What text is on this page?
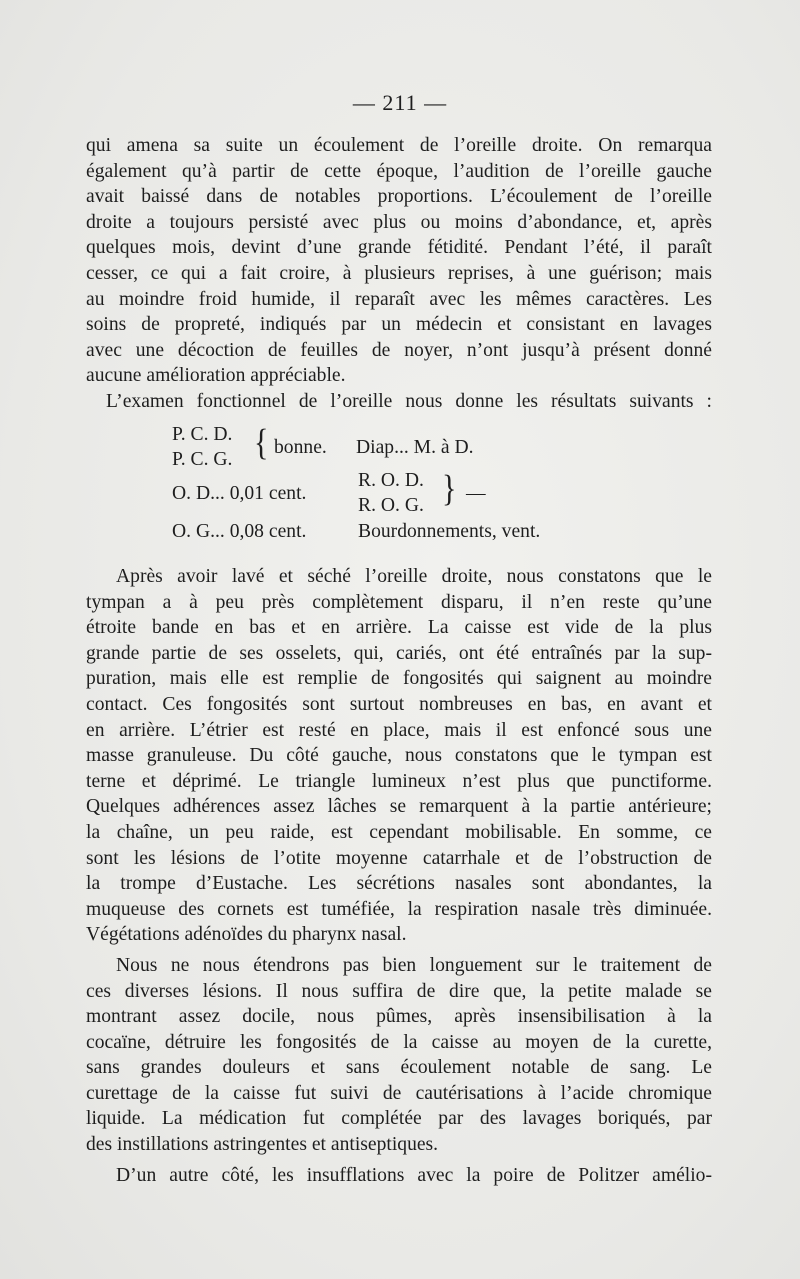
— 211 —
qui amena sa suite un écoulement de l’oreille droite. On remarqua
également qu’à partir de cette époque, l’audition de l’oreille gauche
avait baissé dans de notables proportions. L’écoulement de l’oreille
droite a toujours persisté avec plus ou moins d’abondance, et, après
quelques mois, devint d’une grande fétidité. Pendant l’été, il paraît
cesser, ce qui a fait croire, à plusieurs reprises, à une guérison; mais
au moindre froid humide, il reparaît avec les mêmes caractères. Les
soins de propreté, indiqués par un médecin et consistant en lavages
avec une décoction de feuilles de noyer, n’ont jusqu’à présent donné
aucune amélioration appréciable.
L’examen fonctionnel de l’oreille nous donne les résultats suivants :
P. C. D.
P. C. G. { bonne. Diap... M. à D.
O. D... 0,01 cent.
R. O. D.
R. O. G. } —
O. G... 0,08 cent.	Bourdonnements, vent.
Après avoir lavé et séché l’oreille droite, nous constatons que le
tympan a à peu près complètement disparu, il n’en reste qu’une
étroite bande en bas et en arrière. La caisse est vide de la plus
grande partie de ses osselets, qui, cariés, ont été entraînés par la sup-
puration, mais elle est remplie de fongosités qui saignent au moindre
contact. Ces fongosités sont surtout nombreuses en bas, en avant et
en arrière. L’étrier est resté en place, mais il est enfoncé sous une
masse granuleuse. Du côté gauche, nous constatons que le tympan est
terne et déprimé. Le triangle lumineux n’est plus que punctiforme.
Quelques adhérences assez lâches se remarquent à la partie antérieure;
la chaîne, un peu raide, est cependant mobilisable. En somme, ce
sont les lésions de l’otite moyenne catarrhale et de l’obstruction de
la trompe d’Eustache. Les sécrétions nasales sont abondantes, la
muqueuse des cornets est tuméfiée, la respiration nasale très diminuée.
Végétations adénoïdes du pharynx nasal.
Nous ne nous étendrons pas bien longuement sur le traitement de
ces diverses lésions. Il nous suffira de dire que, la petite malade se
montrant assez docile, nous pûmes, après insensibilisation à la
cocaïne, détruire les fongosités de la caisse au moyen de la curette,
sans grandes douleurs et sans écoulement notable de sang. Le
curettage de la caisse fut suivi de cautérisations à l’acide chromique
liquide. La médication fut complétée par des lavages boriqués, par
des instillations astringentes et antiseptiques.
D’un autre côté, les insufflations avec la poire de Politzer amélio-
